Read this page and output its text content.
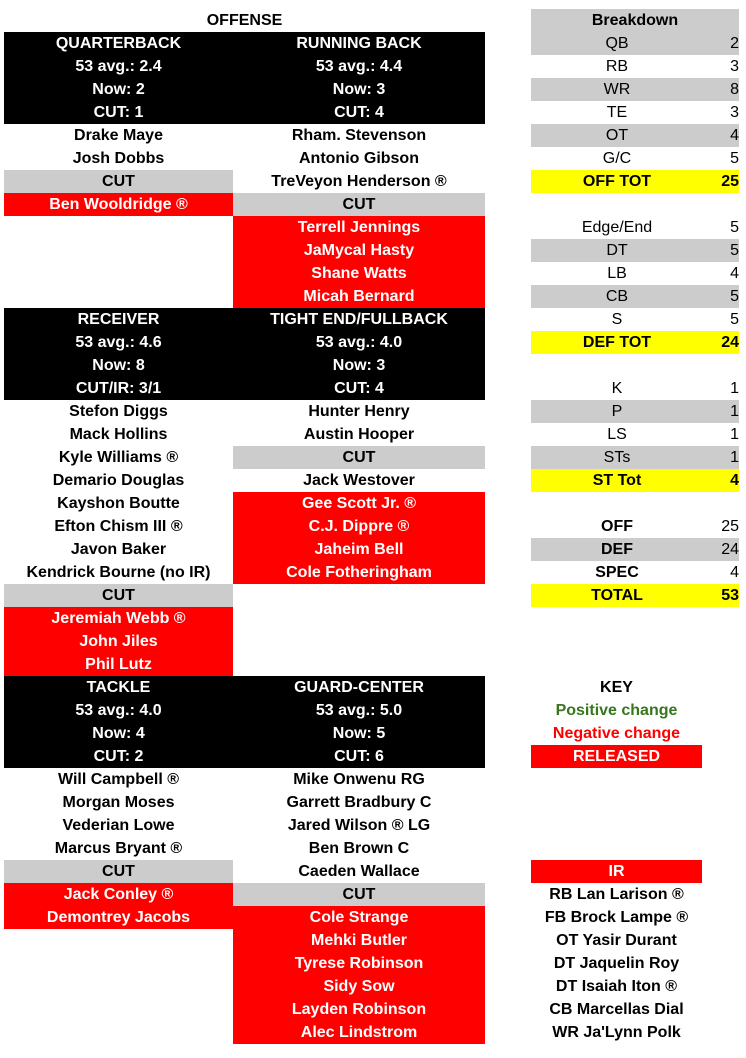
OFFENSE	Breakdown
QUARTERBACK
53 avg.: 2.4
Now: 2
CUT: 1
RUNNING BACK
53 avg.: 4.4
Now: 3
CUT: 4
Drake Maye
Josh Dobbs
CUT
Ben Wooldridge ®
Rham. Stevenson
Antonio Gibson
TreVeyon Henderson ®
CUT
Terrell Jennings
JaMycal Hasty
Shane Watts
Micah Bernard
RECEIVER
53 avg.: 4.6
Now: 8
CUT/IR: 3/1
TIGHT END/FULLBACK
53 avg.: 4.0
Now: 3
CUT: 4
Stefon Diggs
Mack Hollins
Kyle Williams ®
Demario Douglas
Kayshon Boutte
Efton Chism III ®
Javon Baker
Kendrick Bourne (no IR)
CUT
Jeremiah Webb ®
John Jiles
Phil Lutz
Hunter Henry
Austin Hooper
CUT
Jack Westover
Gee Scott Jr. ®
C.J. Dippre ®
Jaheim Bell
Cole Fotheringham
TACKLE
53 avg.: 4.0
Now: 4
CUT: 2
GUARD-CENTER
53 avg.: 5.0
Now: 5
CUT: 6
Will Campbell ®
Morgan Moses
Vederian Lowe
Marcus Bryant ®
CUT
Jack Conley ®
Demontrey Jacobs
Mike Onwenu RG
Garrett Bradbury C
Jared Wilson ® LG
Ben Brown C
Caeden Wallace
CUT
Cole Strange
Mehki Butler
Tyrese Robinson
Sidy Sow
Layden Robinson
Alec Lindstrom
QB	2
RB	3
WR	8
TE	3
OT	4
G/C	5
OFF TOT	25
Edge/End	5
DT	5
LB	4
CB	5
S	5
DEF TOT	24
K	1
P	1
LS	1
STs	1
ST Tot	4
OFF	25
DEF	24
SPEC	4
TOTAL	53
KEY
Positive change
Negative change
RELEASED
IR
RB Lan Larison ®
FB Brock Lampe ®
OT Yasir Durant
DT Jaquelin Roy
DT Isaiah Iton ®
CB Marcellas Dial
WR Ja'Lynn Polk
